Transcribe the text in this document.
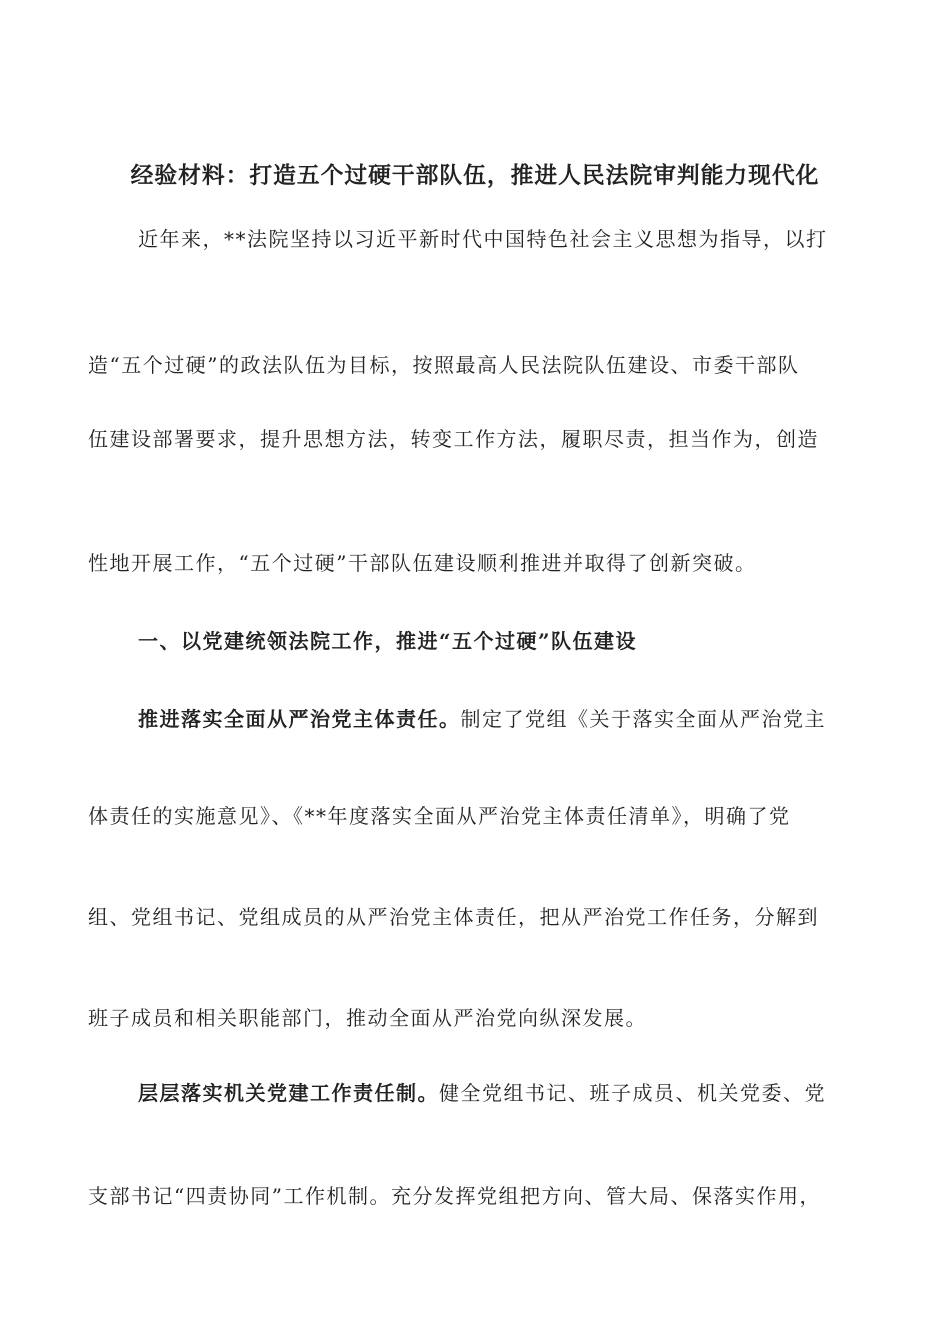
经验材料：打造五个过硬干部队伍，推进人民法院审判能力现代化
近年来，**法院坚持以习近平新时代中国特色社会主义思想为指导，以打
造“五个过硬”的政法队伍为目标，按照最高人民法院队伍建设、市委干部队
伍建设部署要求，提升思想方法，转变工作方法，履职尽责，担当作为，创造
性地开展工作，“五个过硬”干部队伍建设顺利推进并取得了创新突破。
一、以党建统领法院工作，推进“五个过硬”队伍建设
推进落实全面从严治党主体责任。制定了党组《关于落实全面从严治党主
体责任的实施意见》、《**年度落实全面从严治党主体责任清单》，明确了党
组、党组书记、党组成员的从严治党主体责任，把从严治党工作任务，分解到
班子成员和相关职能部门，推动全面从严治党向纵深发展。
层层落实机关党建工作责任制。健全党组书记、班子成员、机关党委、党
支部书记“四责协同”工作机制。充分发挥党组把方向、管大局、保落实作用，
